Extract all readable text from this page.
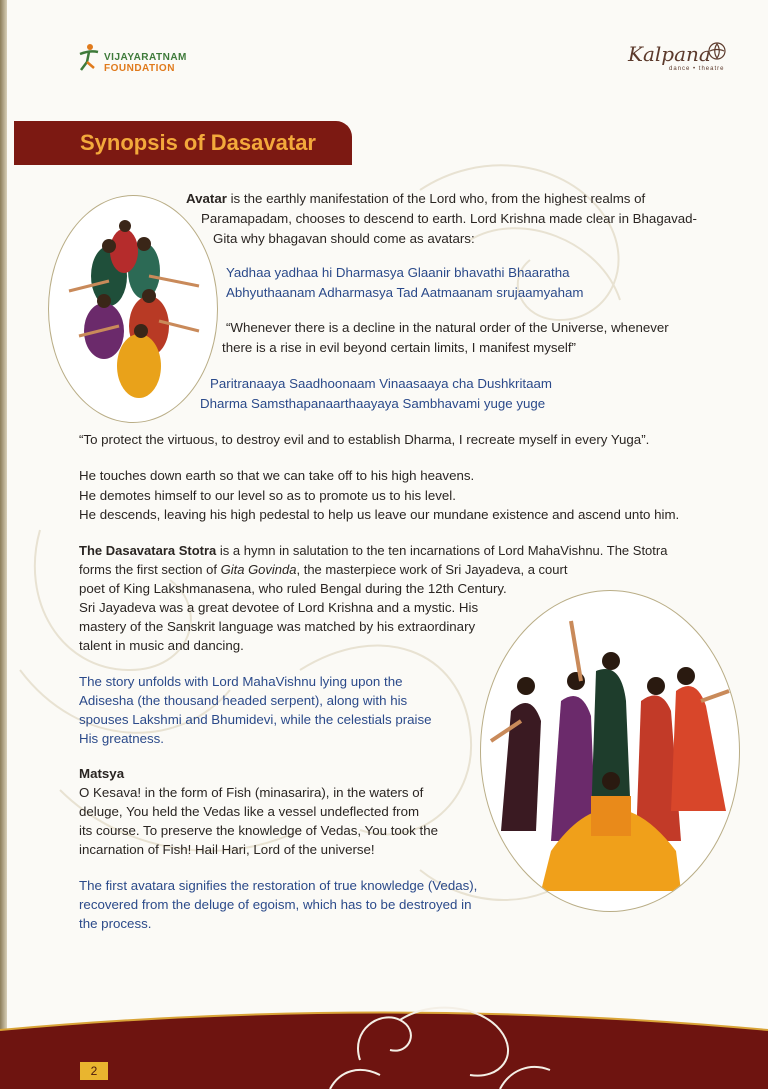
VIJAYARATNAM
FOUNDATION
Kalpana
dance • theatre
Synopsis of Dasavatar
Avatar is the earthly manifestation of the Lord who, from the highest realms of
Paramapadam, chooses to descend to earth. Lord Krishna made clear in Bhagavad-
Gita why bhagavan should come as avatars:
Yadhaa yadhaa hi Dharmasya Glaanir bhavathi Bhaaratha
Abhyuthaanam Adharmasya Tad Aatmaanam srujaamyaham
“Whenever there is a decline in the natural order of the Universe, whenever
there is a rise in evil beyond certain limits, I manifest myself”
Paritranaaya Saadhoonaam Vinaasaaya cha Dushkritaam
Dharma Samsthapanaarthaayaya Sambhavami yuge yuge
“To protect the virtuous, to destroy evil and to establish Dharma, I recreate myself in every Yuga”.
He touches down earth so that we can take off to his high heavens.
He demotes himself to our level so as to promote us to his level.
He descends, leaving his high pedestal to help us leave our mundane existence and ascend unto him.
The Dasavatara Stotra is a hymn in salutation to the ten incarnations of Lord MahaVishnu. The Stotra
forms the first section of Gita Govinda, the masterpiece work of Sri Jayadeva, a court
poet of King Lakshmanasena, who ruled Bengal during the 12th Century.
Sri Jayadeva was a great devotee of Lord Krishna and a mystic. His
mastery of the Sanskrit language was matched by his extraordinary
talent in music and dancing.
The story unfolds with Lord MahaVishnu lying upon the
Adisesha (the thousand headed serpent), along with his
spouses Lakshmi and Bhumidevi, while the celestials praise
His greatness.
Matsya
O Kesava! in the form of Fish (minasarira), in the waters of
deluge, You held the Vedas like a vessel undeflected from
its course. To preserve the knowledge of Vedas, You took the
incarnation of Fish! Hail Hari, Lord of the universe!
The first avatara signifies the restoration of true knowledge (Vedas),
recovered from the deluge of egoism, which has to be destroyed in
the process.
2
